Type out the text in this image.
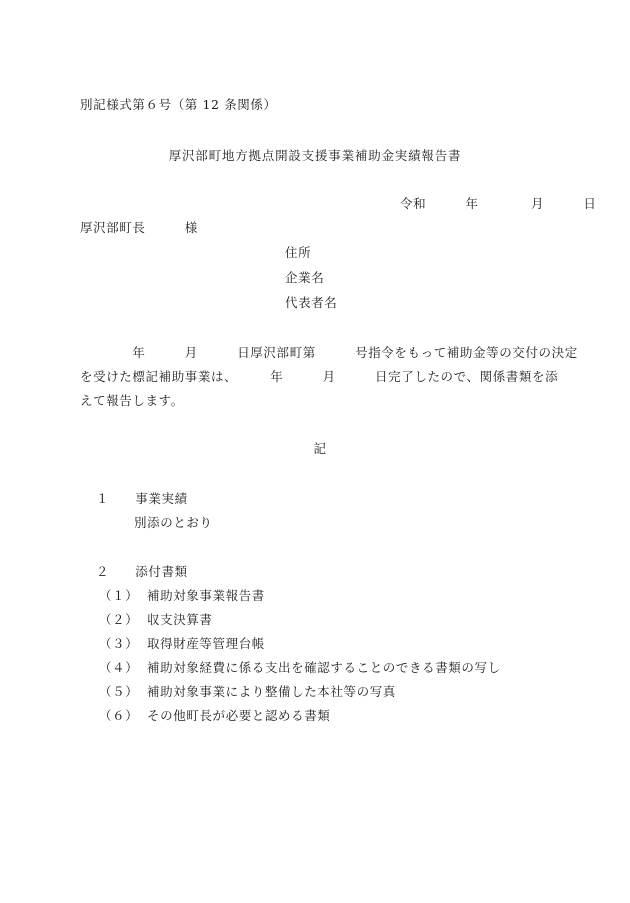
別記様式第６号（第 12 条関係）
厚沢部町地方拠点開設支援事業補助金実績報告書
令和　　　年　　　　月　　　日
厚沢部町長　　　様
住所
企業名
代表者名
　　　　年　　　月　　　日厚沢部町第　　　号指令をもって補助金等の交付の決定
を受けた標記補助事業は、　　　年　　　月　　　日完了したので、関係書類を添
えて報告します。
記
１　　事業実績
別添のとおり
２　　添付書類
（１） 補助対象事業報告書
（２） 収支決算書
（３） 取得財産等管理台帳
（４） 補助対象経費に係る支出を確認することのできる書類の写し
（５） 補助対象事業により整備した本社等の写真
（６） その他町長が必要と認める書類
